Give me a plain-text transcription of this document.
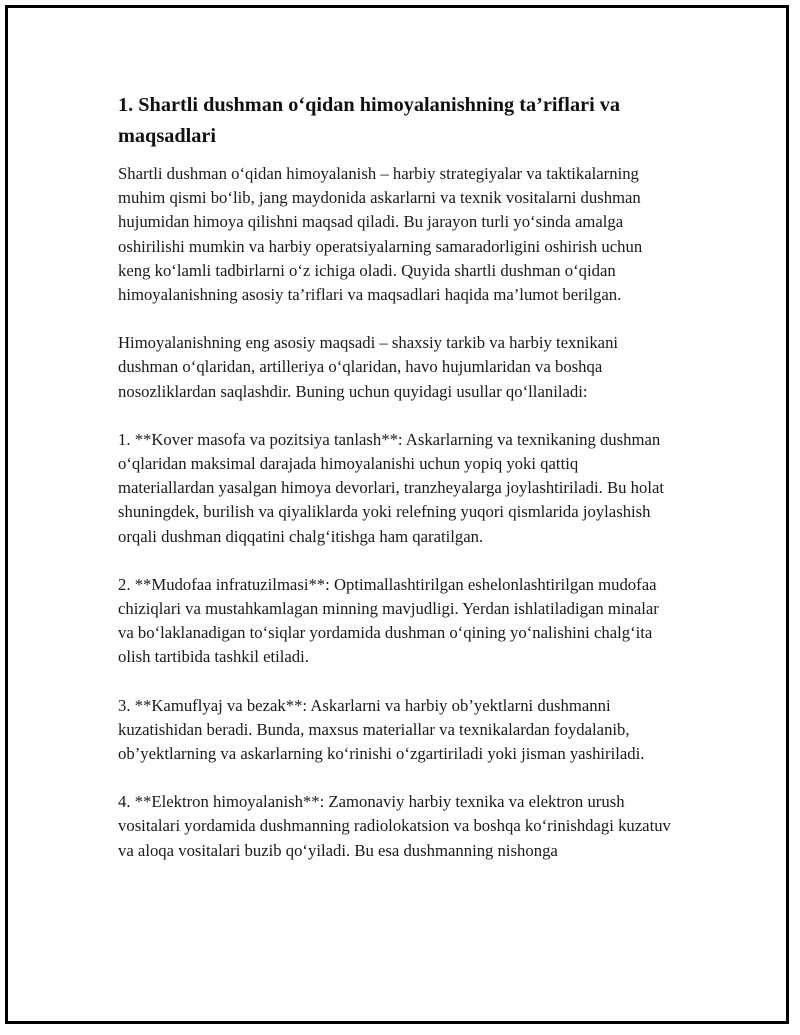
1. Shartli dushman o‘qidan himoyalanishning ta’riflari va maqsadlari

Shartli dushman o‘qidan himoyalanish – harbiy strategiyalar va taktikalarning muhim qismi bo‘lib, jang maydonida askarlarni va texnik vositalarni dushman hujumidan himoya qilishni maqsad qiladi. Bu jarayon turli yo‘sinda amalga oshirilishi mumkin va harbiy operatsiyalarning samaradorligini oshirish uchun keng ko‘lamli tadbirlarni o‘z ichiga oladi. Quyida shartli dushman o‘qidan himoyalanishning asosiy ta’riflari va maqsadlari haqida ma’lumot berilgan.

Himoyalanishning eng asosiy maqsadi – shaxsiy tarkib va harbiy texnikani dushman o‘qlaridan, artilleriya o‘qlaridan, havo hujumlaridan va boshqa nosozliklardan saqlashdir. Buning uchun quyidagi usullar qo‘llaniladi:

1. **Kover masofa va pozitsiya tanlash**: Askarlarning va texnikaning dushman o‘qlaridan maksimal darajada himoyalanishi uchun yopiq yoki qattiq materiallardan yasalgan himoya devorlari, tranzheyalarga joylashtiriladi. Bu holat shuningdek, burilish va qiyaliklarda yoki relefning yuqori qismlarida joylashish orqali dushman diqqatini chalg‘itishga ham qaratilgan.

2. **Mudofaa infratuzilmasi**: Optimallashtirilgan eshelonlashtirilgan mudofaa chiziqlari va mustahkamlagan minning mavjudligi. Yerdan ishlatiladigan minalar va bo‘laklanadigan to‘siqlar yordamida dushman o‘qining yo‘nalishini chalg‘ita olish tartibida tashkil etiladi.

3. **Kamuflyaj va bezak**: Askarlarni va harbiy ob’yektlarni dushmanni kuzatishidan beradi. Bunda, maxsus materiallar va texnikalardan foydalanib, ob’yektlarning va askarlarning ko‘rinishi o‘zgartiriladi yoki jisman yashiriladi.

4. **Elektron himoyalanish**: Zamonaviy harbiy texnika va elektron urush vositalari yordamida dushmanning radiolokatsion va boshqa ko‘rinishdagi kuzatuv va aloqa vositalari buzib qo‘yiladi. Bu esa dushmanning nishonga
